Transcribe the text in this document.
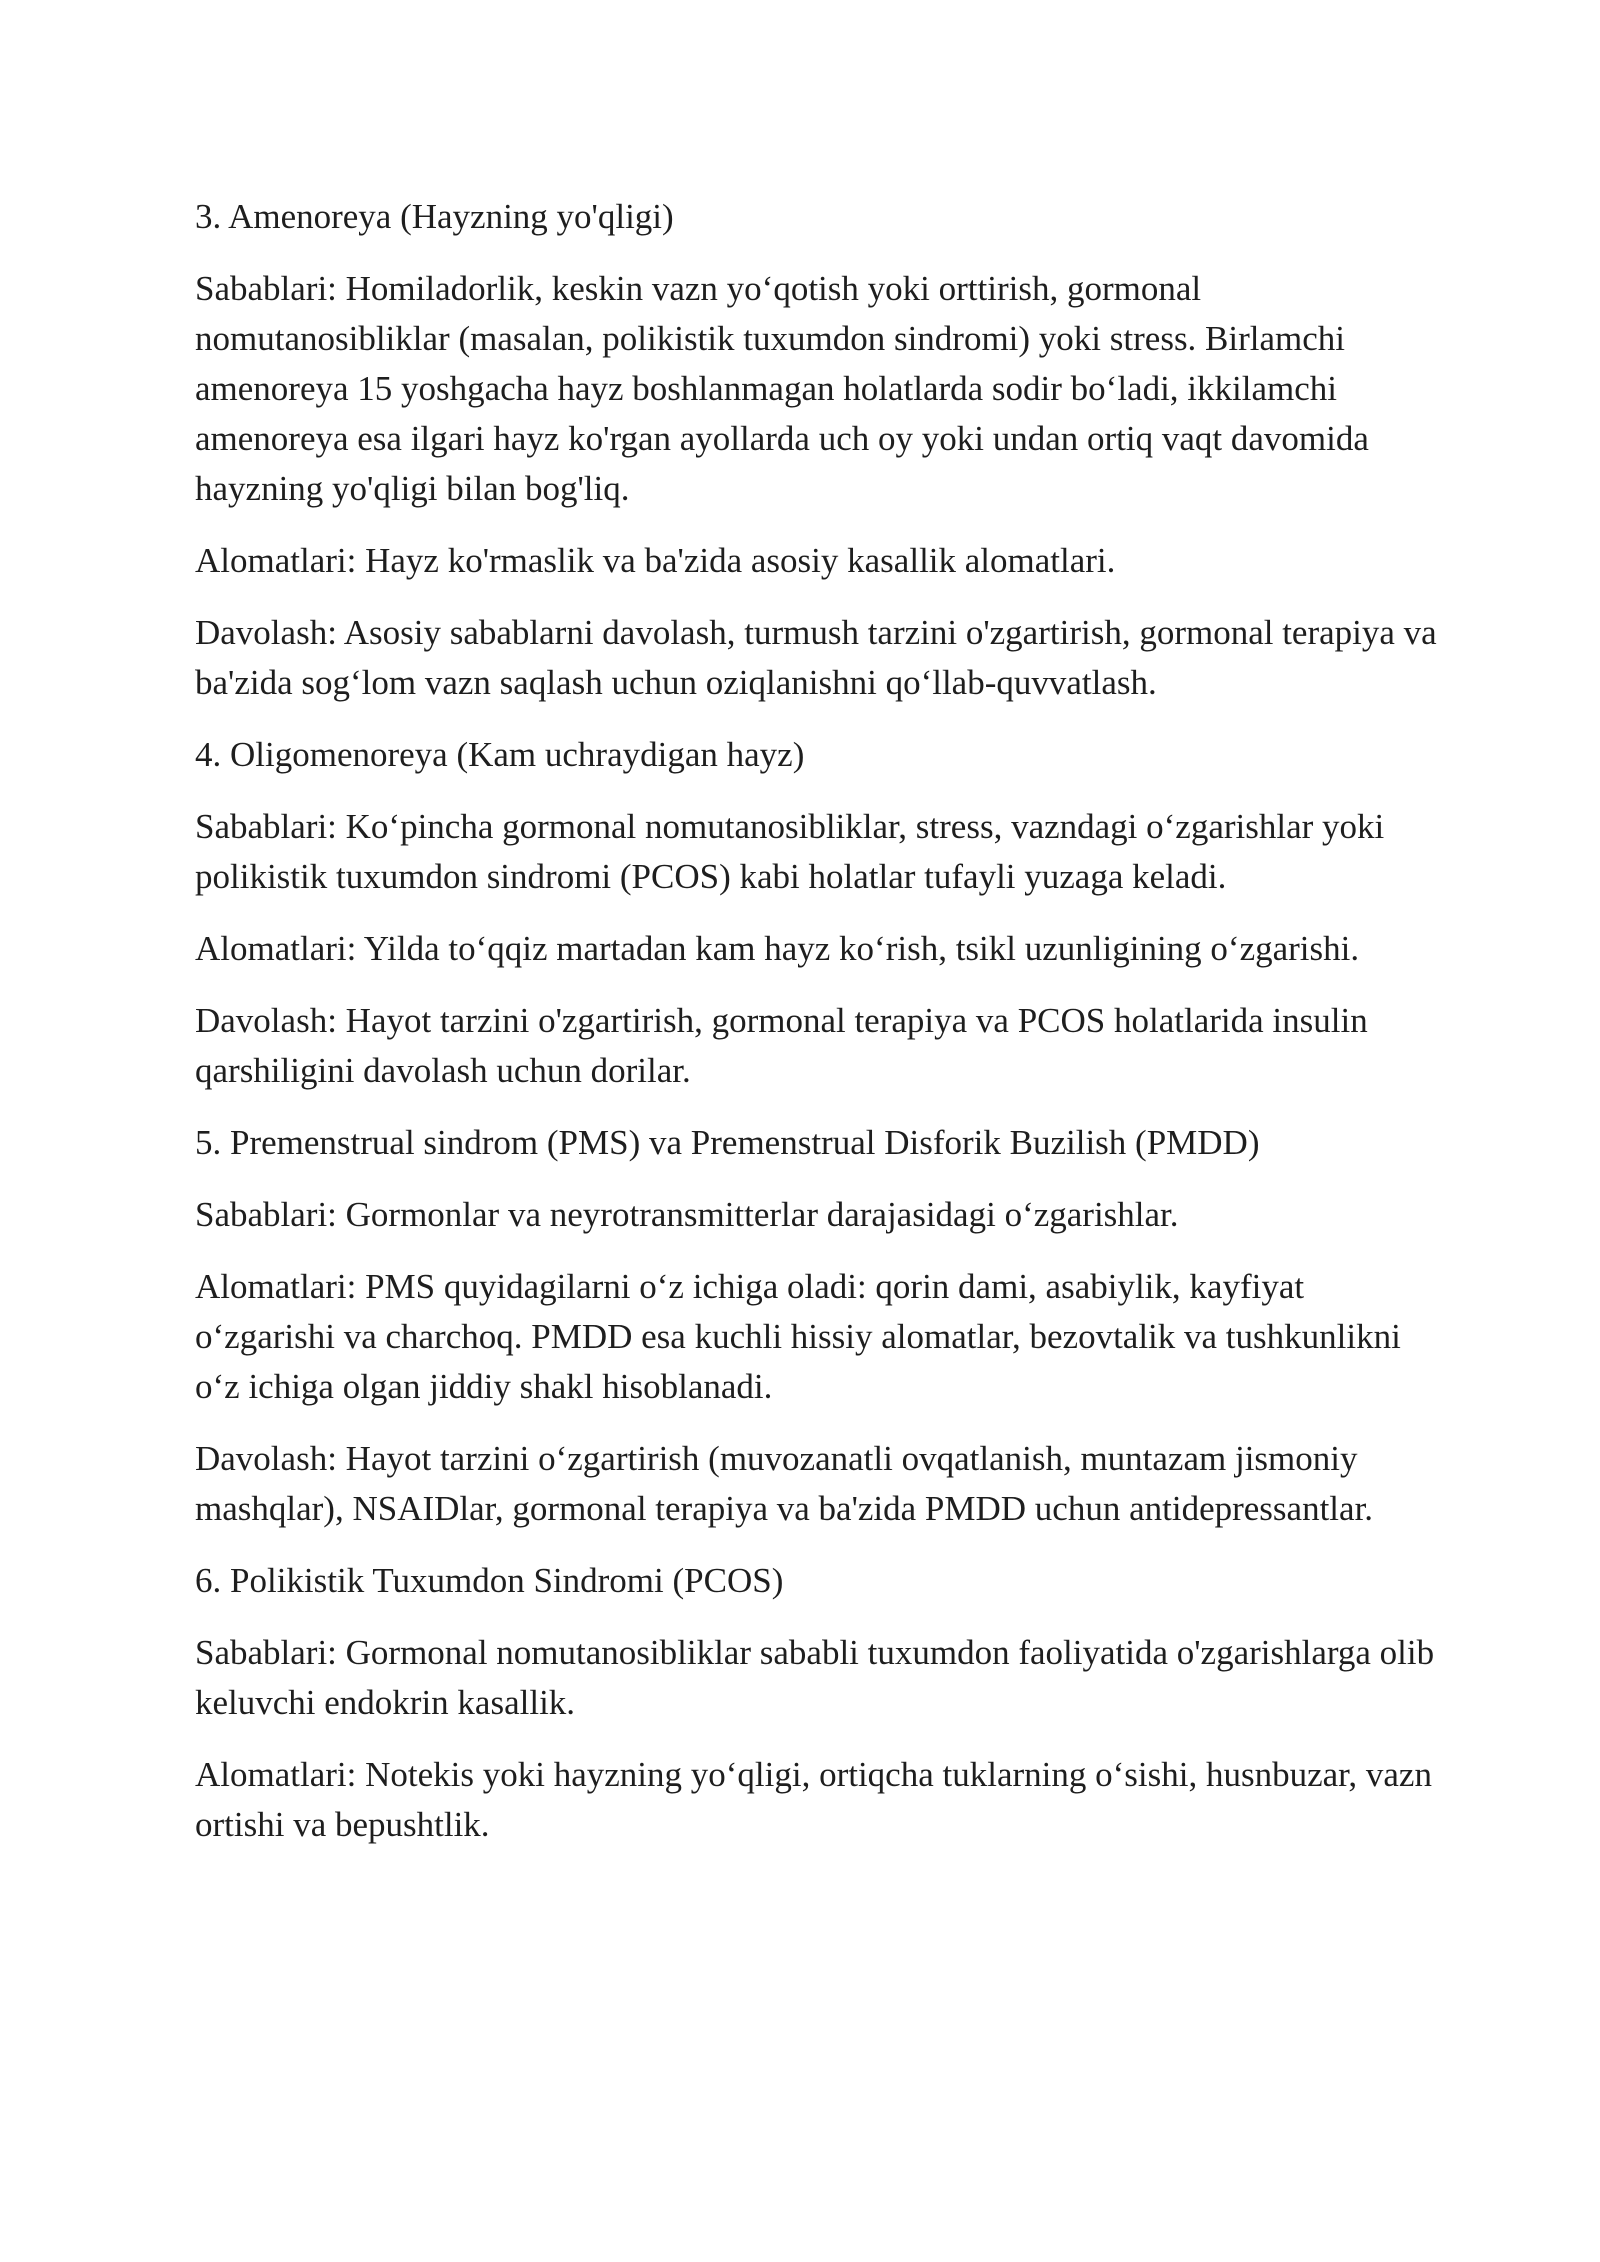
3. Amenoreya (Hayzning yo'qligi)

Sabablari: Homiladorlik, keskin vazn yo‘qotish yoki orttirish, gormonal nomutanosibliklar (masalan, polikistik tuxumdon sindromi) yoki stress. Birlamchi amenoreya 15 yoshgacha hayz boshlanmagan holatlarda sodir bo‘ladi, ikkilamchi amenoreya esa ilgari hayz ko'rgan ayollarda uch oy yoki undan ortiq vaqt davomida hayzning yo'qligi bilan bog'liq.

Alomatlari: Hayz ko'rmaslik va ba'zida asosiy kasallik alomatlari.

Davolash: Asosiy sabablarni davolash, turmush tarzini o'zgartirish, gormonal terapiya va ba'zida sog‘lom vazn saqlash uchun oziqlanishni qo‘llab-quvvatlash.

4. Oligomenoreya (Kam uchraydigan hayz)

Sabablari: Ko‘pincha gormonal nomutanosibliklar, stress, vazndagi o‘zgarishlar yoki polikistik tuxumdon sindromi (PCOS) kabi holatlar tufayli yuzaga keladi.

Alomatlari: Yilda to‘qqiz martadan kam hayz ko‘rish, tsikl uzunligining o‘zgarishi.

Davolash: Hayot tarzini o'zgartirish, gormonal terapiya va PCOS holatlarida insulin qarshiligini davolash uchun dorilar.

5. Premenstrual sindrom (PMS) va Premenstrual Disforik Buzilish (PMDD)

Sabablari: Gormonlar va neyrotransmitterlar darajasidagi o‘zgarishlar.

Alomatlari: PMS quyidagilarni o‘z ichiga oladi: qorin dami, asabiylik, kayfiyat o‘zgarishi va charchoq. PMDD esa kuchli hissiy alomatlar, bezovtalik va tushkunlikni o‘z ichiga olgan jiddiy shakl hisoblanadi.

Davolash: Hayot tarzini o‘zgartirish (muvozanatli ovqatlanish, muntazam jismoniy mashqlar), NSAIDlar, gormonal terapiya va ba'zida PMDD uchun antidepressantlar.

6. Polikistik Tuxumdon Sindromi (PCOS)

Sabablari: Gormonal nomutanosibliklar sababli tuxumdon faoliyatida o'zgarishlarga olib keluvchi endokrin kasallik.

Alomatlari: Notekis yoki hayzning yo‘qligi, ortiqcha tuklarning o‘sishi, husnbuzar, vazn ortishi va bepushtlik.
